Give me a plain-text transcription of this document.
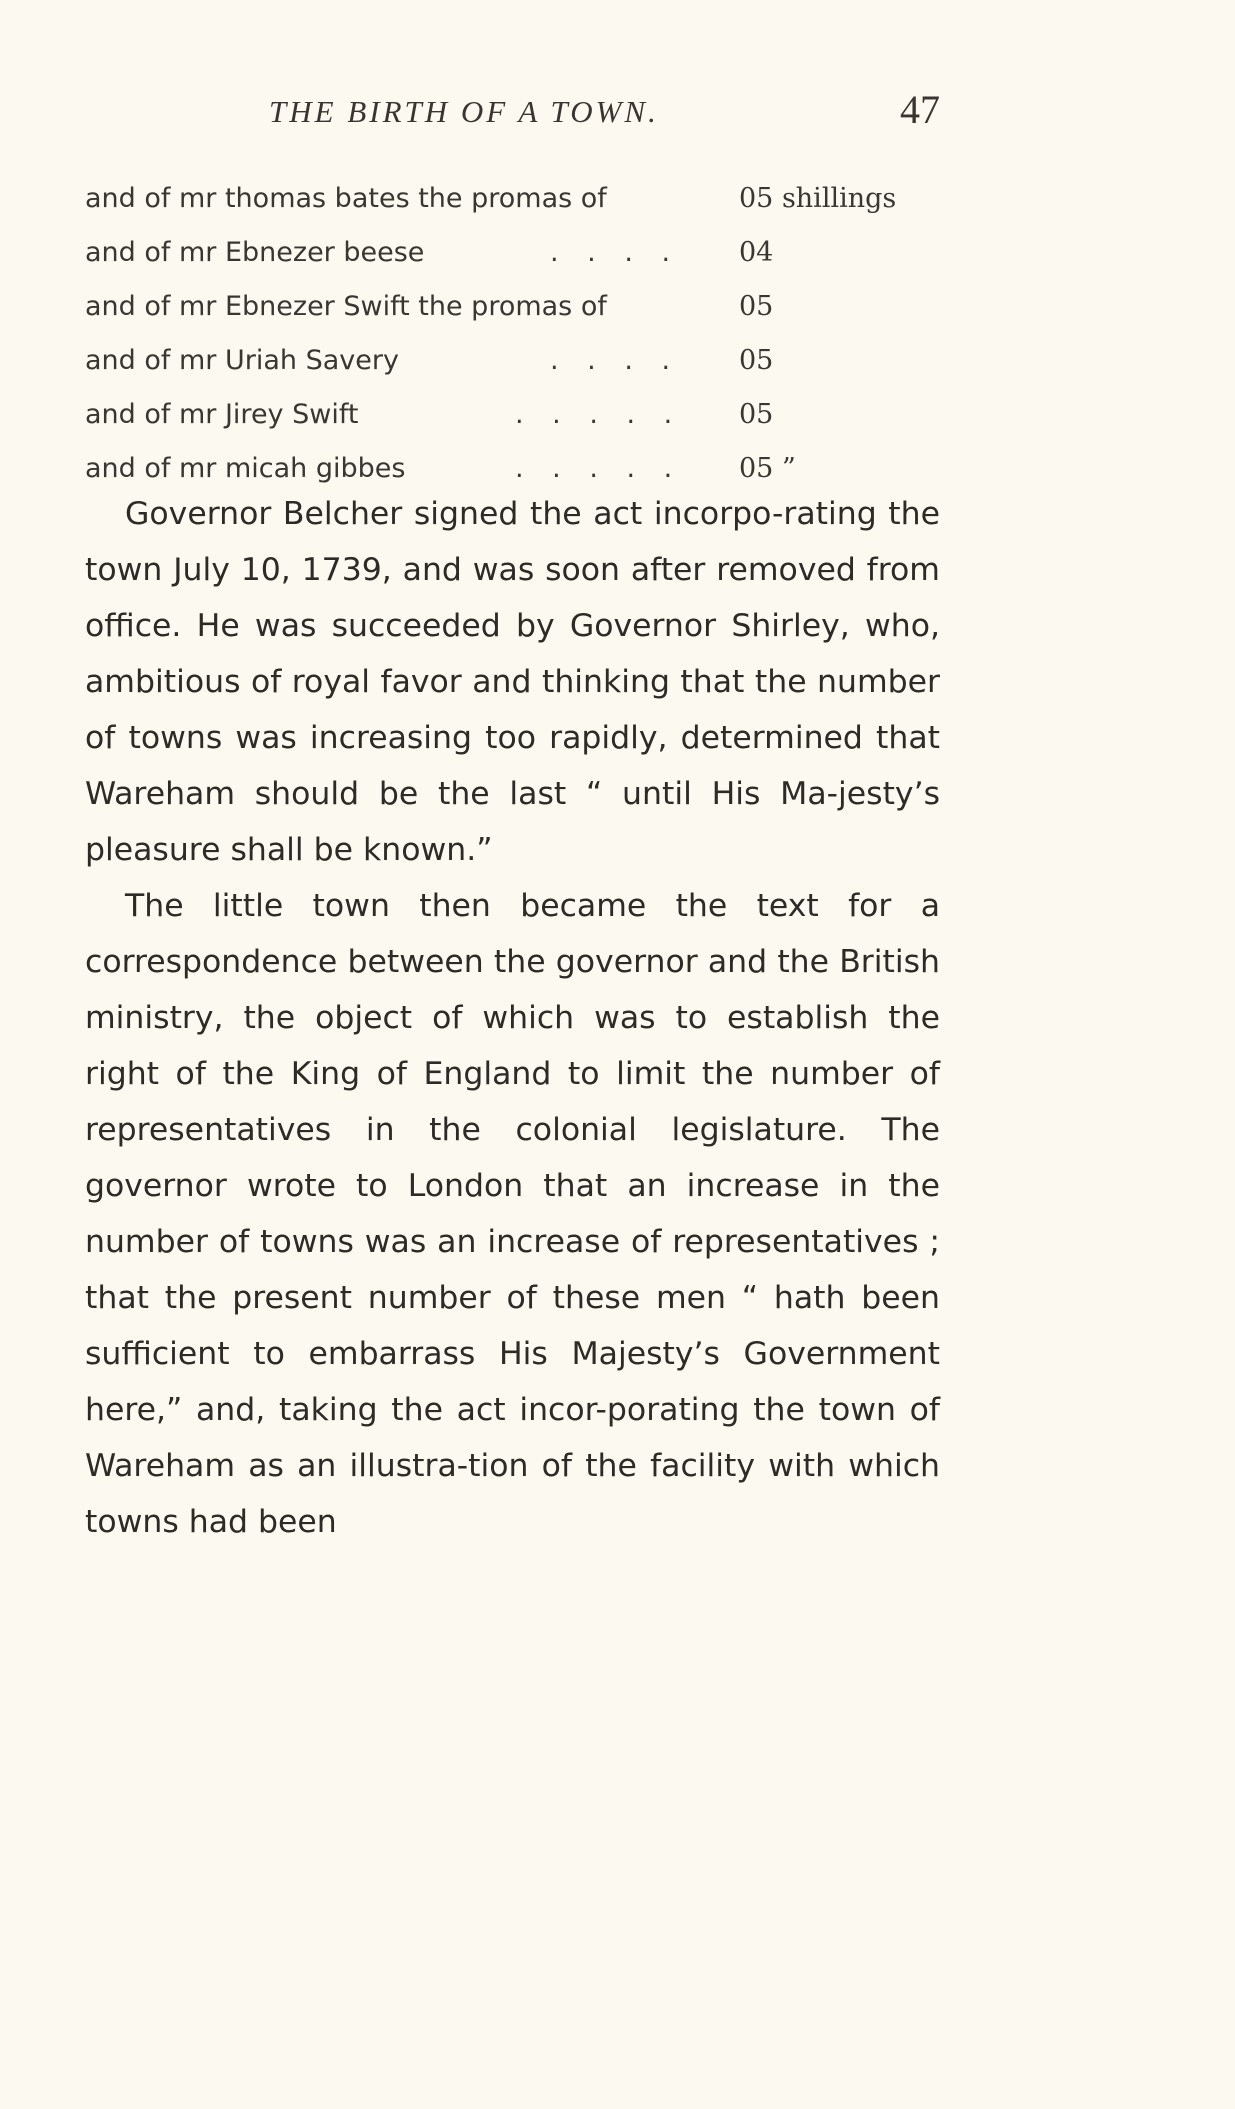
THE BIRTH OF A TOWN.	47
and of mr thomas bates the promas of	05 shillings
and of mr Ebnezer beese	. . . . 04
and of mr Ebnezer Swift the promas of	05
and of mr Uriah Savery	. . . . 05
and of mr Jirey Swift	. . . . . 05
and of mr micah gibbes	. . . . . 05 ”

Governor Belcher signed the act incorpo-rating the town July 10, 1739, and was soon after removed from office. He was succeeded by Governor Shirley, who, ambitious of royal favor and thinking that the number of towns was increasing too rapidly, determined that Wareham should be the last “ until His Ma-jesty’s pleasure shall be known.”

The little town then became the text for a correspondence between the governor and the British ministry, the object of which was to establish the right of the King of England to limit the number of representatives in the colonial legislature. The governor wrote to London that an increase in the number of towns was an increase of representatives ; that the present number of these men “ hath been sufficient to embarrass His Majesty’s Government here,” and, taking the act incor-porating the town of Wareham as an illustra-tion of the facility with which towns had been
